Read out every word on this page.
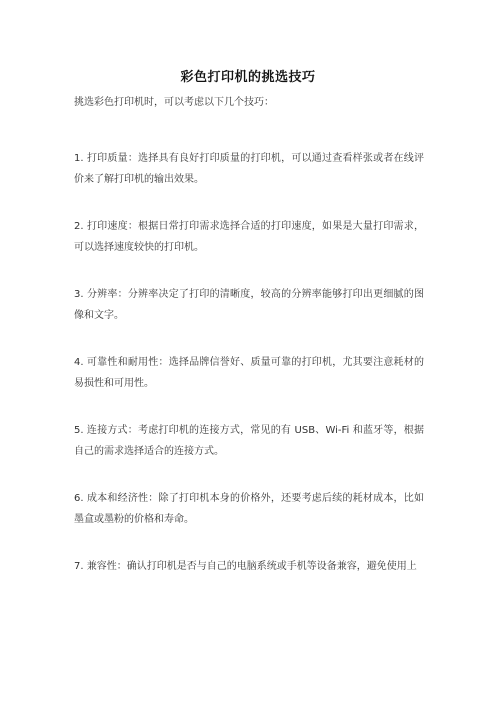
彩色打印机的挑选技巧
挑选彩色打印机时，可以考虑以下几个技巧：
1. 打印质量：选择具有良好打印质量的打印机，可以通过查看样张或者在线评价来了解打印机的输出效果。
2. 打印速度：根据日常打印需求选择合适的打印速度，如果是大量打印需求，可以选择速度较快的打印机。
3. 分辨率：分辨率决定了打印的清晰度，较高的分辨率能够打印出更细腻的图像和文字。
4. 可靠性和耐用性：选择品牌信誉好、质量可靠的打印机，尤其要注意耗材的易损性和可用性。
5. 连接方式：考虑打印机的连接方式，常见的有 USB、Wi-Fi 和蓝牙等，根据自己的需求选择适合的连接方式。
6. 成本和经济性：除了打印机本身的价格外，还要考虑后续的耗材成本，比如墨盒或墨粉的价格和寿命。
7. 兼容性：确认打印机是否与自己的电脑系统或手机等设备兼容，避免使用上
